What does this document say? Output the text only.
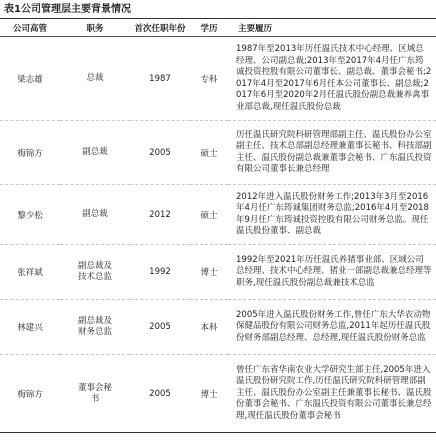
表1公司管理层主要背景情况
公司高管	职务	首次任职年份	学历	主要履历
梁志雄	总裁	1987	专科	1987年至2013年历任温氏技术中心经理、区域总经理、公司副总裁;2013年至2017年4月任广东筠诚投资控股有限公司董事长、副总裁、董事会秘书;2017年4月至2017年6月任本公司董事长、副总裁;2017年6月至2020年2月任温氏股份副总裁兼养禽事业部总裁,现任温氏股份总裁
梅锦方	副总裁	2005	硕士	历任温氏研究院科研管理部副主任、温氏股份办公室副主任、技术总部副总经理兼董事长秘书、科技部副主任、温氏股份副总裁兼董事会秘书、广东温氏投资有限公司董事长兼总经理
黎少松	副总裁	2012	硕士	2012年进入温氏股份财务工作;2013年3月至2016年4月任广东筠诚集团财务总监;2016年4月至2018年9月任广东筠诚投资控股有限公司财务总监。现任温氏股份董事、副总裁
张祥斌	副总裁及技术总监	1992	博士	1992年至2021年历任温氏养猪事业部、区域公司总经理、技术中心经理、猪业一部副总裁兼总经理等职务,现任温氏股份副总裁兼技术总监
林建兴	副总裁及财务总监	2005	本科	2005年进入温氏股份财务工作,曾任广东大华农动物保健品股份有限公司财务总监,2011年起历任温氏股份财务部副总经理、总经理,现任温氏股份财务总监
梅锦方	董事会秘书	2005	博士	曾任广东省华南农业大学研究生部主任,2005年进入温氏股份研究院工作,历任温氏研究院科研管理部副主任、温氏股份办公室副主任兼董事长秘书、温氏股份董事会秘书、广东温氏投资有限公司董事长兼总经理,现任温氏股份董事会秘书
